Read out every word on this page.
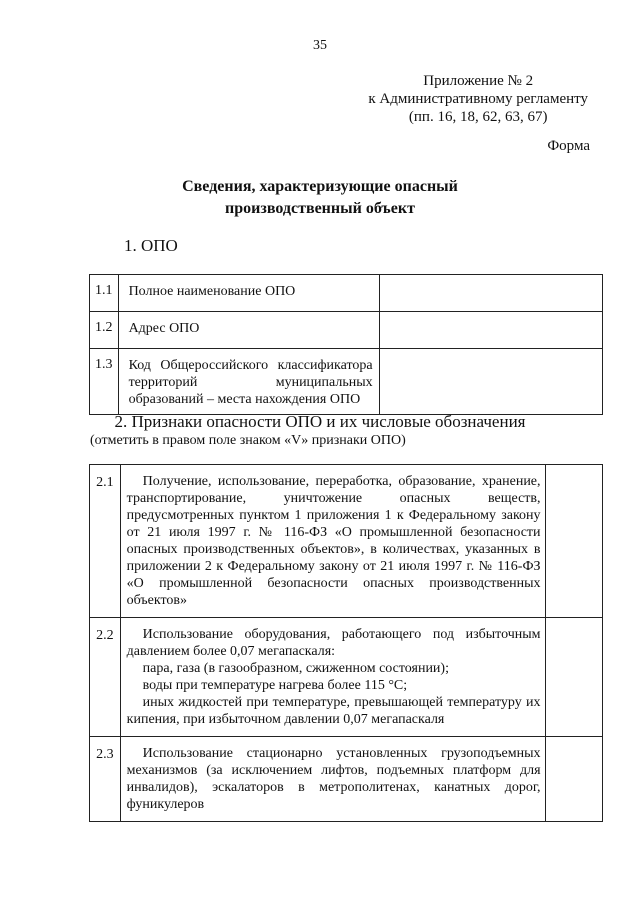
35
Приложение № 2
к Административному регламенту
(пп. 16, 18, 62, 63, 67)
Форма
Сведения, характеризующие опасный
производственный объект
1. ОПО
1.1	Полное наименование ОПО	
1.2	Адрес ОПО	
1.3	Код Общероссийского классификатора территорий муниципальных образований – места нахождения ОПО	
2. Признаки опасности ОПО и их числовые обозначения
(отметить в правом поле знаком «V» признаки ОПО)
2.1	Получение, использование, переработка, образование, хранение, транспортирование, уничтожение опасных веществ, предусмотренных пунктом 1 приложения 1 к Федеральному закону от 21 июля 1997 г. № 116-ФЗ «О промышленной безопасности опасных производственных объектов», в количествах, указанных в приложении 2 к Федеральному закону от 21 июля 1997 г. № 116-ФЗ «О промышленной безопасности опасных производственных объектов»	

2.2	Использование оборудования, работающего под избыточным давлением более 0,07 мегапаскаля:

пара, газа (в газообразном, сжиженном состоянии);

воды при температуре нагрева более 115 °С;

иных жидкостей при температуре, превышающей температуру их кипения, при избыточном давлении 0,07 мегапаскаля	

2.3	Использование стационарно установленных грузоподъемных механизмов (за исключением лифтов, подъемных платформ для инвалидов), эскалаторов в метрополитенах, канатных дорог, фуникулеров	
